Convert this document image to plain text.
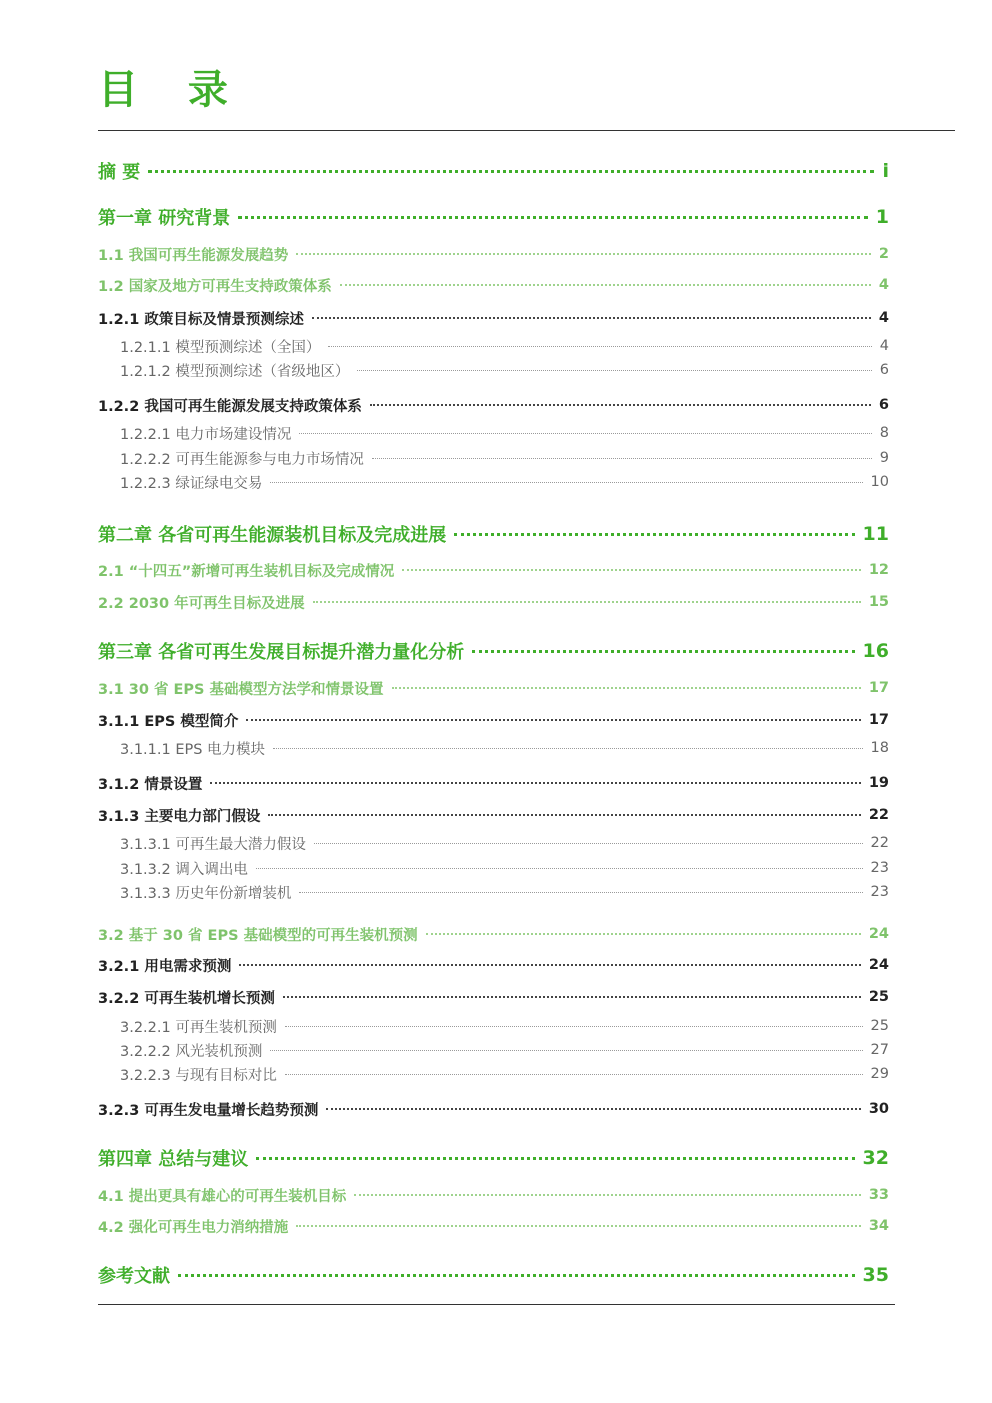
目 录
摘 要	i
第一章 研究背景	1
1.1 我国可再生能源发展趋势	2
1.2 国家及地方可再生支持政策体系	4
1.2.1 政策目标及情景预测综述	4
1.2.1.1 模型预测综述（全国）	4
1.2.1.2 模型预测综述（省级地区）	6
1.2.2 我国可再生能源发展支持政策体系	6
1.2.2.1 电力市场建设情况	8
1.2.2.2 可再生能源参与电力市场情况	9
1.2.2.3 绿证绿电交易	10
第二章 各省可再生能源装机目标及完成进展	11
2.1 “十四五”新增可再生装机目标及完成情况	12
2.2 2030 年可再生目标及进展	15
第三章 各省可再生发展目标提升潜力量化分析	16
3.1 30 省 EPS 基础模型方法学和情景设置	17
3.1.1 EPS 模型简介	17
3.1.1.1 EPS 电力模块	18
3.1.2 情景设置	19
3.1.3 主要电力部门假设	22
3.1.3.1 可再生最大潜力假设	22
3.1.3.2 调入调出电	23
3.1.3.3 历史年份新增装机	23
3.2 基于 30 省 EPS 基础模型的可再生装机预测	24
3.2.1 用电需求预测	24
3.2.2 可再生装机增长预测	25
3.2.2.1 可再生装机预测	25
3.2.2.2 风光装机预测	27
3.2.2.3 与现有目标对比	29
3.2.3 可再生发电量增长趋势预测	30
第四章 总结与建议	32
4.1 提出更具有雄心的可再生装机目标	33
4.2 强化可再生电力消纳措施	34
参考文献	35
